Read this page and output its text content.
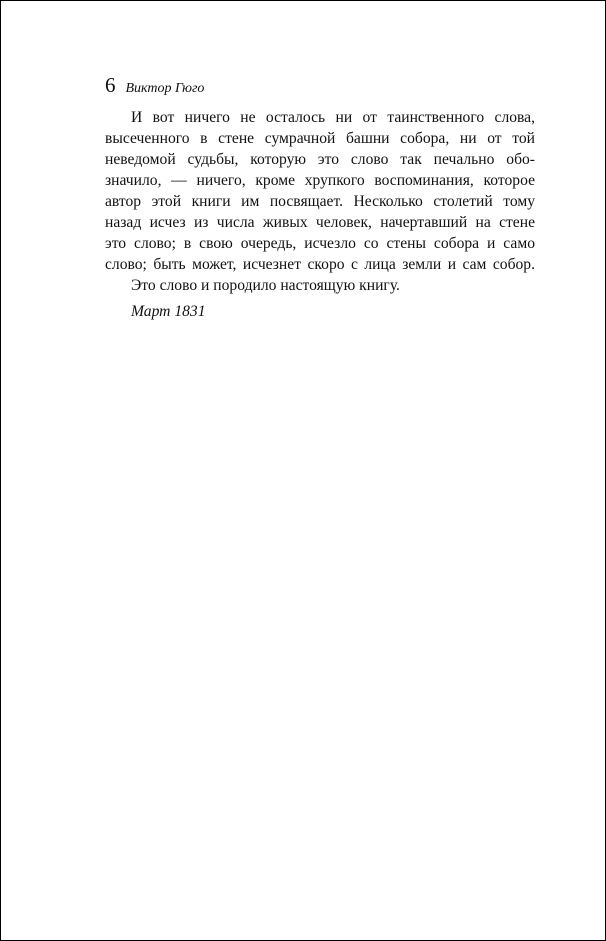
6 Виктор Гюго
И вот ничего не осталось ни от таинственного слова,
высеченного в стене сумрачной башни собора, ни от той
неведомой судьбы, которую это слово так печально обо-
значило, — ничего, кроме хрупкого воспоминания, которое
автор этой книги им посвящает. Несколько столетий тому
назад исчез из числа живых человек, начертавший на стене
это слово; в свою очередь, исчезло со стены собора и само
слово; быть может, исчезнет скоро с лица земли и сам собор.
Это слово и породило настоящую книгу.
Март 1831
